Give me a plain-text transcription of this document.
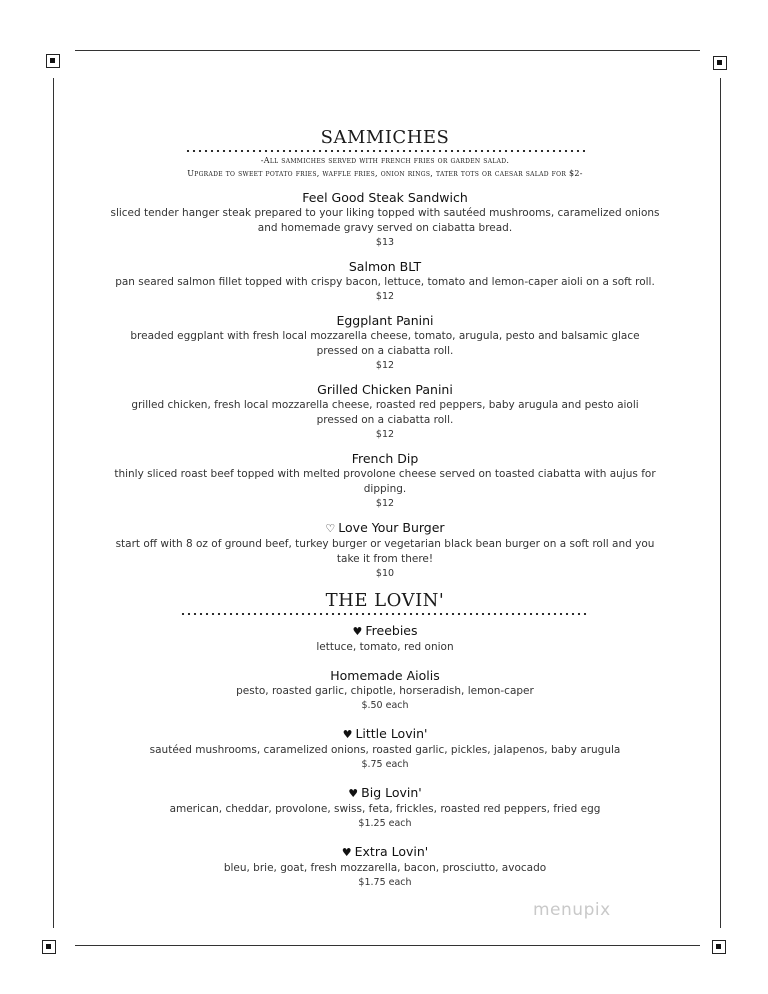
SAMMICHES
-All sammiches served with french fries or garden salad.
Upgrade to sweet potato fries, waffle fries, onion rings, tater tots or caesar salad for $2-
Feel Good Steak Sandwich
sliced tender hanger steak prepared to your liking topped with sautéed mushrooms, caramelized onions and homemade gravy served on ciabatta bread.
$13
Salmon BLT
pan seared salmon fillet topped with crispy bacon, lettuce, tomato and lemon-caper aioli on a soft roll.
$12
Eggplant Panini
breaded eggplant with fresh local mozzarella cheese, tomato, arugula, pesto and balsamic glace pressed on a ciabatta roll.
$12
Grilled Chicken Panini
grilled chicken, fresh local mozzarella cheese, roasted red peppers, baby arugula and pesto aioli pressed on a ciabatta roll.
$12
French Dip
thinly sliced roast beef topped with melted provolone cheese served on toasted ciabatta with aujus for dipping.
$12
♡ Love Your Burger
start off with 8 oz of ground beef, turkey burger or vegetarian black bean burger on a soft roll and you take it from there!
$10
THE LOVIN'
♥ Freebies
lettuce, tomato, red onion
Homemade Aiolis
pesto, roasted garlic, chipotle, horseradish, lemon-caper
$.50 each
♥ Little Lovin'
sautéed mushrooms, caramelized onions, roasted garlic, pickles, jalapenos, baby arugula
$.75 each
♥ Big Lovin'
american, cheddar, provolone, swiss, feta, frickles, roasted red peppers, fried egg
$1.25 each
♥ Extra Lovin'
bleu, brie, goat, fresh mozzarella, bacon, prosciutto, avocado
$1.75 each
menupix
